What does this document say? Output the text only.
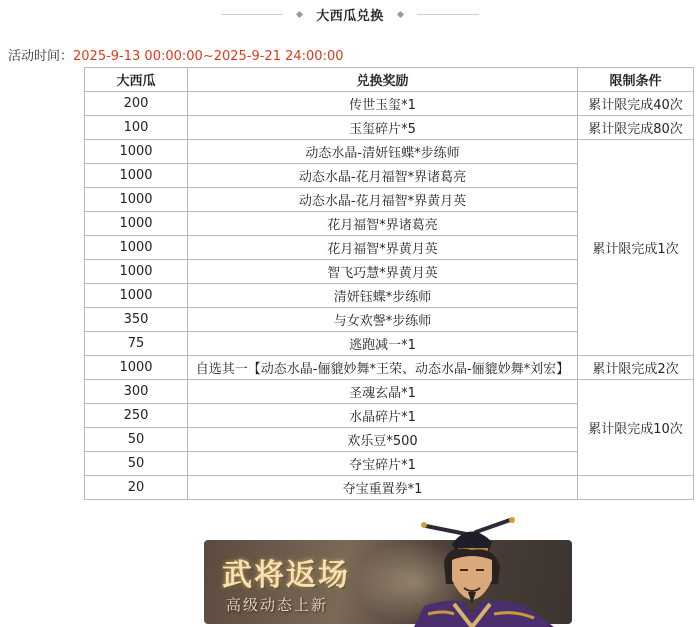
大西瓜兑换
活动时间：2025-9-13 00:00:00~2025-9-21 24:00:00
大西瓜	兑换奖励	限制条件
200	传世玉玺*1	累计限完成40次
100	玉玺碎片*5	累计限完成80次
1000	动态水晶-清妍钰蝶*步练师	累计限完成1次
1000	动态水晶-花月福智*界诸葛亮	
1000	动态水晶-花月福智*界黄月英	
1000	花月福智*界诸葛亮	
1000	花月福智*界黄月英	
1000	智飞巧慧*界黄月英	
1000	清妍钰蝶*步练师	
350	与女欢謦*步练师	
75	逃跑减一*1	
1000	自选其一【动态水晶-俪貔妙舞*王荣、动态水晶-俪貔妙舞*刘宏】	累计限完成2次
300	圣魂玄晶*1	累计限完成10次
250	水晶碎片*1	
50	欢乐豆*500	
50	夺宝碎片*1	
20	夺宝重置券*1	
武将返场
高级动态上新
